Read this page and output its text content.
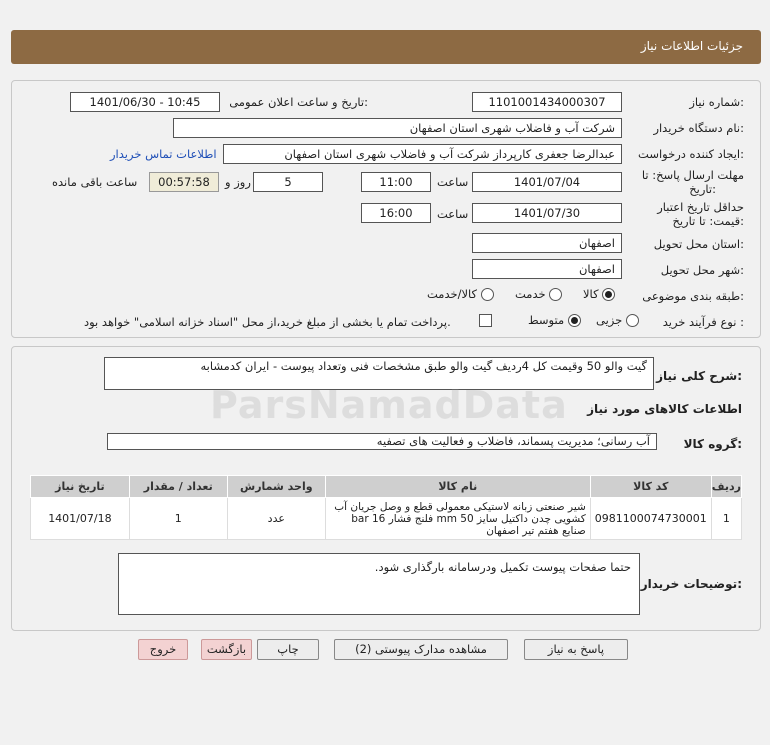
جزئیات اطلاعات نیاز
شماره نیاز:
1101001434000307
تاریخ و ساعت اعلان عمومی:
1401/06/30 - 10:45
نام دستگاه خریدار:
شرکت آب و فاضلاب شهری استان اصفهان
ایجاد کننده درخواست:
عبدالرضا جعفری کارپرداز شرکت آب و فاضلاب شهری استان اصفهان
اطلاعات تماس خریدار
مهلت ارسال پاسخ: تا
تاریخ:
1401/07/04
ساعت
11:00
5
روز و
00:57:58
ساعت باقی مانده
حداقل تاریخ اعتبار
قیمت: تا تاریخ:
1401/07/30
ساعت
16:00
استان محل تحویل:
اصفهان
شهر محل تحویل:
اصفهان
طبقه بندی موضوعی:
کالا
خدمت
کالا/خدمت
نوع فرآیند خرید :
جزیی
متوسط
پرداخت تمام یا بخشی از مبلغ خرید،از محل "اسناد خزانه اسلامی" خواهد بود.
شرح کلی نیاز:
گیت والو 50 وقیمت کل 4ردیف گیت والو طبق مشخصات فنی وتعداد پیوست - ایران کدمشابه
اطلاعات کالاهای مورد نیاز
گروه کالا:
آب رسانی؛ مدیریت پسماند، فاضلاب و فعالیت های تصفیه
ردیف	کد کالا	نام کالا	واحد شمارش	تعداد / مقدار	تاریخ نیاز
1	0981100074730001	شیر صنعتی زبانه لاستیکی معمولی قطع و وصل جریان آب کشویی چدن داکتیل سایز 50 mm فلنج فشار 16 bar صنایع هفتم تیر اصفهان	عدد	1	1401/07/18
توضیحات خریدار:
حتما صفحات پیوست تکمیل ودرسامانه بارگذاری شود.
پاسخ به نیاز
مشاهده مدارک پیوستی (2)
چاپ
بازگشت
خروج
ParsNamadData
